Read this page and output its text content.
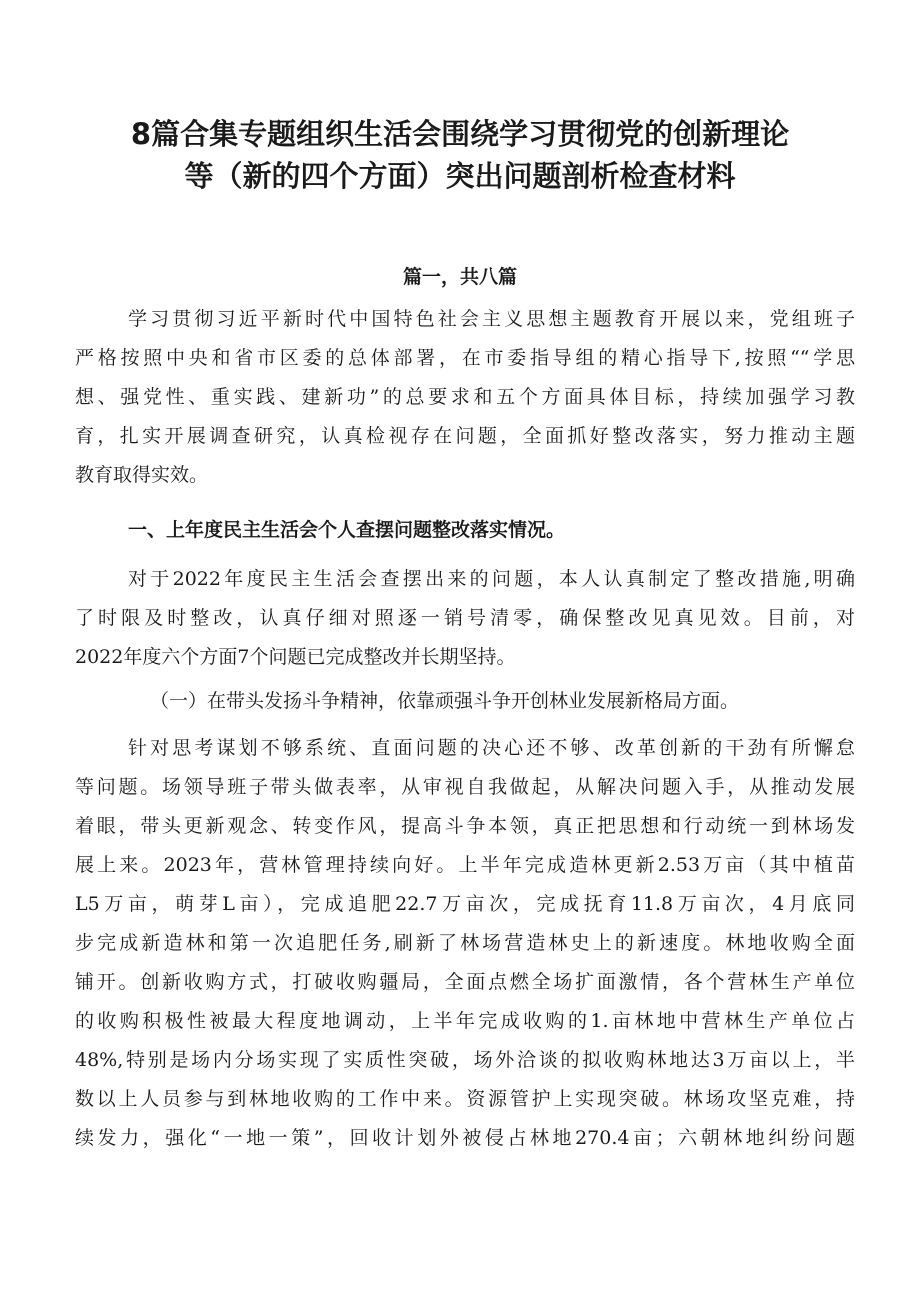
8篇合集专题组织生活会围绕学习贯彻党的创新理论
等（新的四个方面）突出问题剖析检查材料
篇一，共八篇
学习贯彻习近平新时代中国特色社会主义思想主题教育开展以来，党组班子
严格按照中央和省市区委的总体部署，在市委指导组的精心指导下,按照““学思
想、强党性、重实践、建新功”的总要求和五个方面具体目标，持续加强学习教
育，扎实开展调查研究，认真检视存在问题，全面抓好整改落实，努力推动主题
教育取得实效。
一、上年度民主生活会个人查摆问题整改落实情况。
对于2022年度民主生活会查摆出来的问题，本人认真制定了整改措施,明确
了时限及时整改，认真仔细对照逐一销号清零，确保整改见真见效。目前，对
2022年度六个方面7个问题已完成整改并长期坚持。
（一）在带头发扬斗争精神，依靠顽强斗争开创林业发展新格局方面。
针对思考谋划不够系统、直面问题的决心还不够、改革创新的干劲有所懈怠
等问题。场领导班子带头做表率，从审视自我做起，从解决问题入手，从推动发展
着眼，带头更新观念、转变作风，提高斗争本领，真正把思想和行动统一到林场发
展上来。2023年，营林管理持续向好。上半年完成造林更新2.53万亩（其中植苗
L5万亩，萌芽L亩），完成追肥22.7万亩次，完成抚育11.8万亩次，4月底同
步完成新造林和第一次追肥任务,刷新了林场营造林史上的新速度。林地收购全面
铺开。创新收购方式，打破收购疆局，全面点燃全场扩面激情，各个营林生产单位
的收购积极性被最大程度地调动，上半年完成收购的1.亩林地中营林生产单位占
48%,特别是场内分场实现了实质性突破，场外洽谈的拟收购林地达3万亩以上，半
数以上人员参与到林地收购的工作中来。资源管护上实现突破。林场攻坚克难，持
续发力，强化“一地一策”，回收计划外被侵占林地270.4亩；六朝林地纠纷问题
